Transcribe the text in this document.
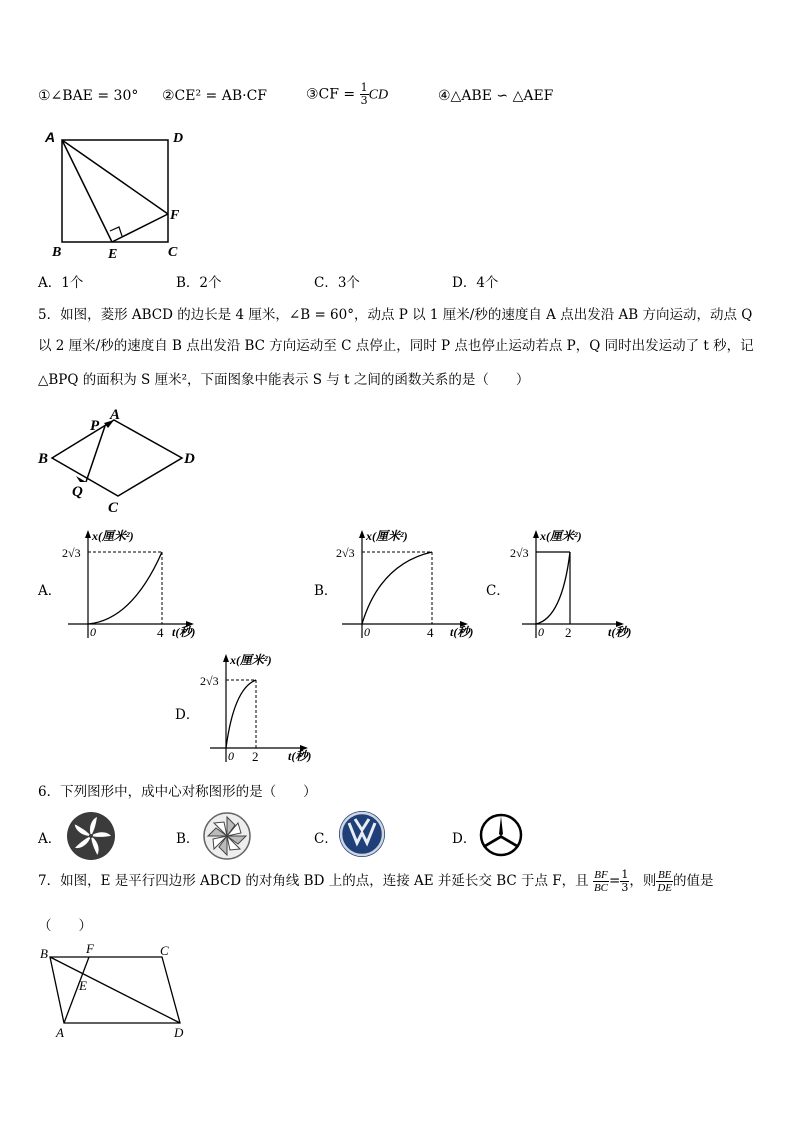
①∠BAE = 30° ②CE² = AB·CF	③CF = $\frac{1}{3}$ CD	④△ABE ∽ △AEF
A	D
B	E	C
F
A．1个	B．2个	C．3个	D．4个
5．如图，菱形 ABCD 的边长是 4 厘米，∠B = 60°，动点 P 以 1 厘米/秒的速度自 A 点出发沿 AB 方向运动，动点 Q
以 2 厘米/秒的速度自 B 点出发沿 BC 方向运动至 C 点停止，同时 P 点也停止运动若点 P，Q 同时出发运动了 t 秒，记
△BPQ 的面积为 S 厘米²，下面图象中能表示 S 与 t 之间的函数关系的是（　　）
A
P
B	D
Q
C
A．
x(厘米²)
2√3
0	4 t(秒)
B．
x(厘米²)
2√3
0	4 t(秒)
C．
x(厘米²)
2√3
0 2	t(秒)
D．
x(厘米²)
2√3
0 2 t(秒)
6．下列图形中，成中心对称图形的是（　　）
A．	B．	C．	D．
7．如图，E 是平行四边形 ABCD 的对角线 BD 上的点，连接 AE 并延长交 BC 于点 F，且 $\frac{BF}{BC} = \frac{1}{3}$ ，则 $\frac{BE}{DE}$ 的值是
（　　）
B	F	C
E
A	D
